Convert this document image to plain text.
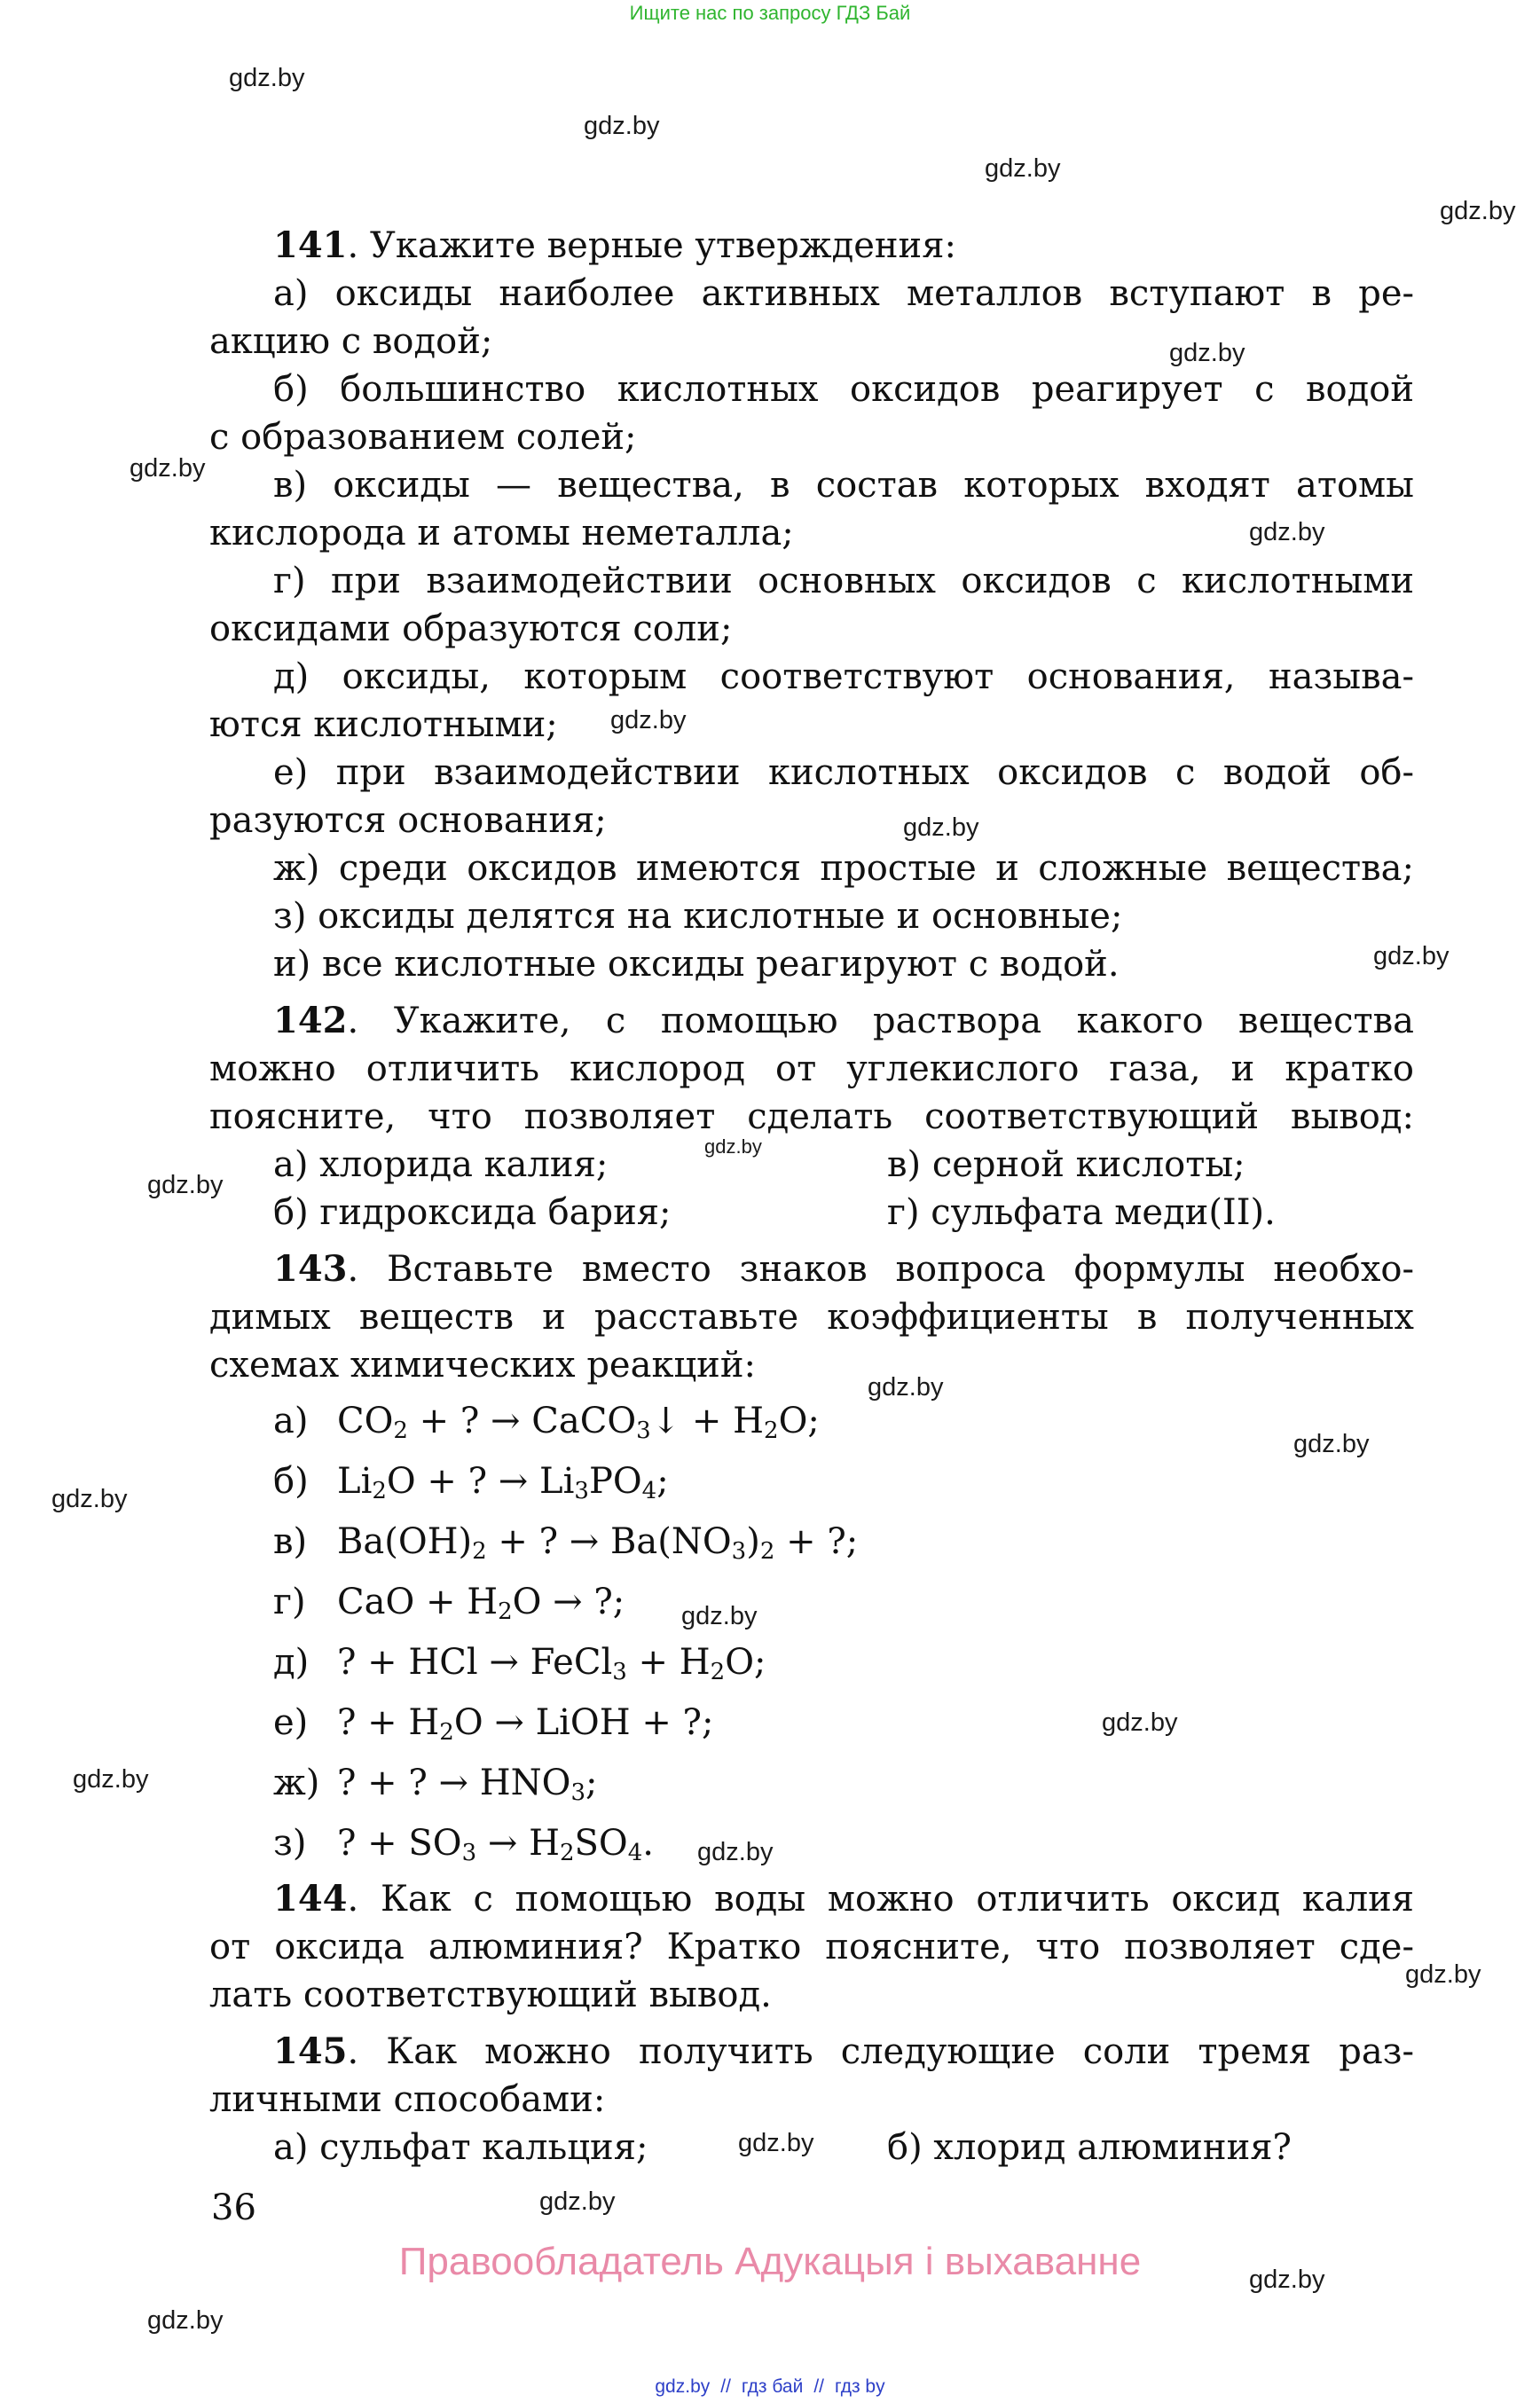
Ищите нас по запросу ГДЗ Бай
gdz.by
gdz.by
gdz.by
gdz.by
gdz.by
gdz.by
gdz.by
gdz.by
gdz.by
gdz.by
gdz.by
gdz.by
gdz.by
gdz.by
gdz.by
gdz.by
gdz.by
gdz.by
gdz.by
gdz.by
gdz.by
gdz.by
gdz.by
gdz.by

141. Укажите верные утверждения:

а) оксиды наиболее активных металлов вступают в ре-

акцию с водой;

б) большинство кислотных оксидов реагирует с водой

с образованием солей;

в) оксиды — вещества, в состав которых входят атомы

кислорода и атомы неметалла;

г) при взаимодействии основных оксидов с кислотными

оксидами образуются соли;

д) оксиды, которым соответствуют основания, называ-

ются кислотными;

е) при взаимодействии кислотных оксидов с водой об-

разуются основания;

ж) среди оксидов имеются простые и сложные вещества;

з) оксиды делятся на кислотные и основные;

и) все кислотные оксиды реагируют с водой.

142. Укажите, с помощью раствора какого вещества

можно отличить кислород от углекислого газа, и кратко

поясните, что позволяет сделать соответствующий вывод:

а) хлорида калия;	в) серной кислоты;
б) гидроксида бария;	г) сульфата меди(II).

143. Вставьте вместо знаков вопроса формулы необхо-

димых веществ и расставьте коэффициенты в полученных

схемах химических реакций:

а) $CO_2$ + ? → CaCO$_3$↓ + $H_2O$;
б) $Li_2O$ + ? → $Li_3PO_4$;
в) $Ba(OH)_2$ + ? → $Ba(NO_3)_2$ + ?;
г) CaO + $H_2O$ → ?;
д) ? + HCl → FeCl$_3$ + $H_2O$;
е) ? + $H_2O$ → LiOH + ?;
ж) ? + ? → $HNO_3$;
з) ? + $SO_3 \to H_2SO_4$.

144. Как с помощью воды можно отличить оксид калия

от оксида алюминия? Кратко поясните, что позволяет сде-

лать соответствующий вывод.

145. Как можно получить следующие соли тремя раз-

личными способами:

а) сульфат кальция;	б) хлорид алюминия?
36
Правообладатель Адукацыя і выхаванне
gdz.by // гдз бай // гдз by
